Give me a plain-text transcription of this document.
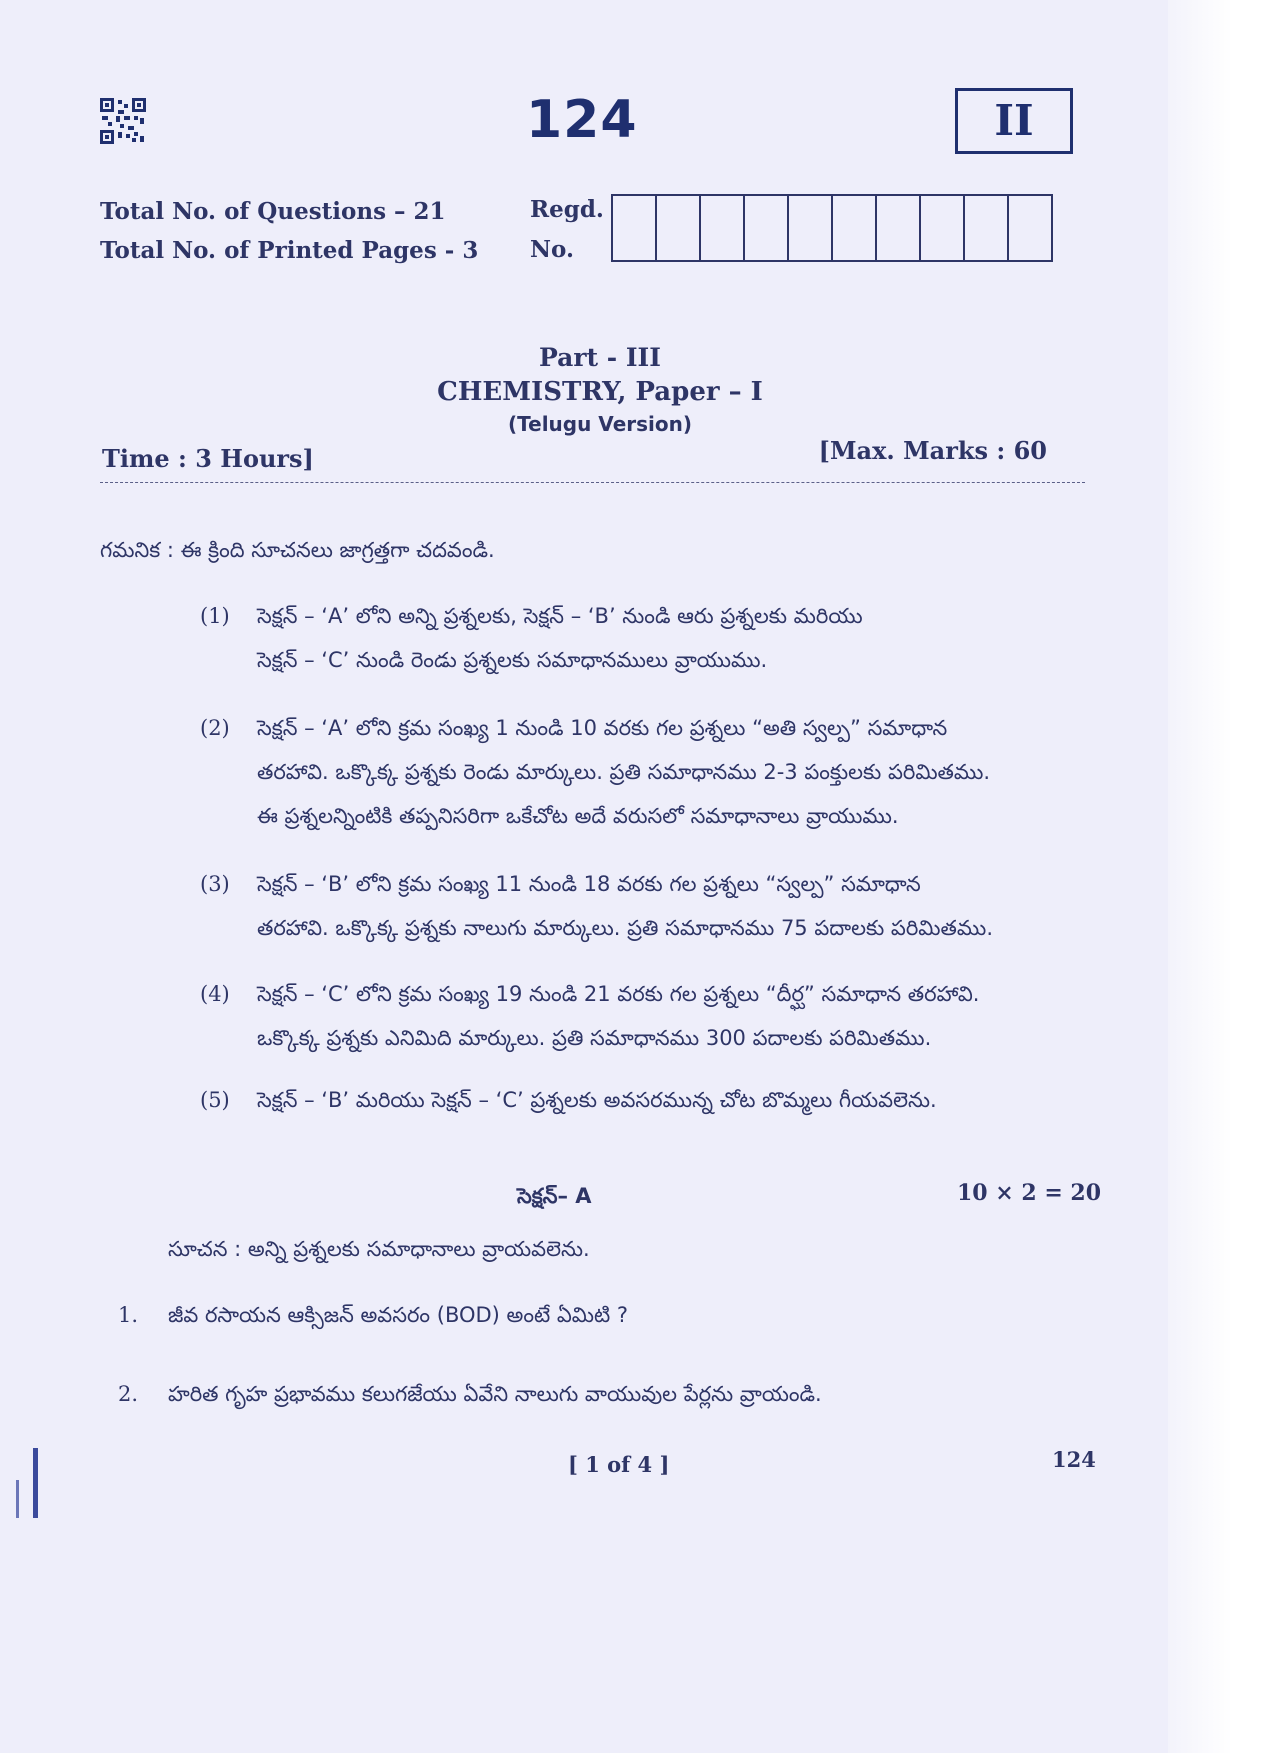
124	II
Total No. of Questions – 21
Total No. of Printed Pages - 3
Regd.
No.
Part - III
CHEMISTRY, Paper – I
(Telugu Version)
Time : 3 Hours]	[Max. Marks : 60
గమనిక : ఈ క్రింది సూచనలు జాగ్రత్తగా చదవండి.
(1) సెక్షన్ – ‘A’ లోని అన్ని ప్రశ్నలకు, సెక్షన్ – ‘B’ నుండి ఆరు ప్రశ్నలకు మరియు
సెక్షన్ – ‘C’ నుండి రెండు ప్రశ్నలకు సమాధానములు వ్రాయుము.
(2) సెక్షన్ – ‘A’ లోని క్రమ సంఖ్య 1 నుండి 10 వరకు గల ప్రశ్నలు “అతి స్వల్ప” సమాధాన
తరహావి. ఒక్కొక్క ప్రశ్నకు రెండు మార్కులు. ప్రతి సమాధానము 2-3 పంక్తులకు పరిమితము.
ఈ ప్రశ్నలన్నింటికి తప్పనిసరిగా ఒకేచోట అదే వరుసలో సమాధానాలు వ్రాయుము.
(3) సెక్షన్ – ‘B’ లోని క్రమ సంఖ్య 11 నుండి 18 వరకు గల ప్రశ్నలు “స్వల్ప” సమాధాన
తరహావి. ఒక్కొక్క ప్రశ్నకు నాలుగు మార్కులు. ప్రతి సమాధానము 75 పదాలకు పరిమితము.
(4) సెక్షన్ – ‘C’ లోని క్రమ సంఖ్య 19 నుండి 21 వరకు గల ప్రశ్నలు “దీర్ఘ” సమాధాన తరహావి.
ఒక్కొక్క ప్రశ్నకు ఎనిమిది మార్కులు. ప్రతి సమాధానము 300 పదాలకు పరిమితము.
(5) సెక్షన్ – ‘B’ మరియు సెక్షన్ – ‘C’ ప్రశ్నలకు అవసరమున్న చోట బొమ్మలు గీయవలెను.
సెక్షన్– A	10 × 2 = 20
సూచన : అన్ని ప్రశ్నలకు సమాధానాలు వ్రాయవలెను.
1. జీవ రసాయన ఆక్సిజన్ అవసరం (BOD) అంటే ఏమిటి ?
2. హరిత గృహ ప్రభావము కలుగజేయు ఏవేని నాలుగు వాయువుల పేర్లను వ్రాయండి.
[ 1 of 4 ]	124
